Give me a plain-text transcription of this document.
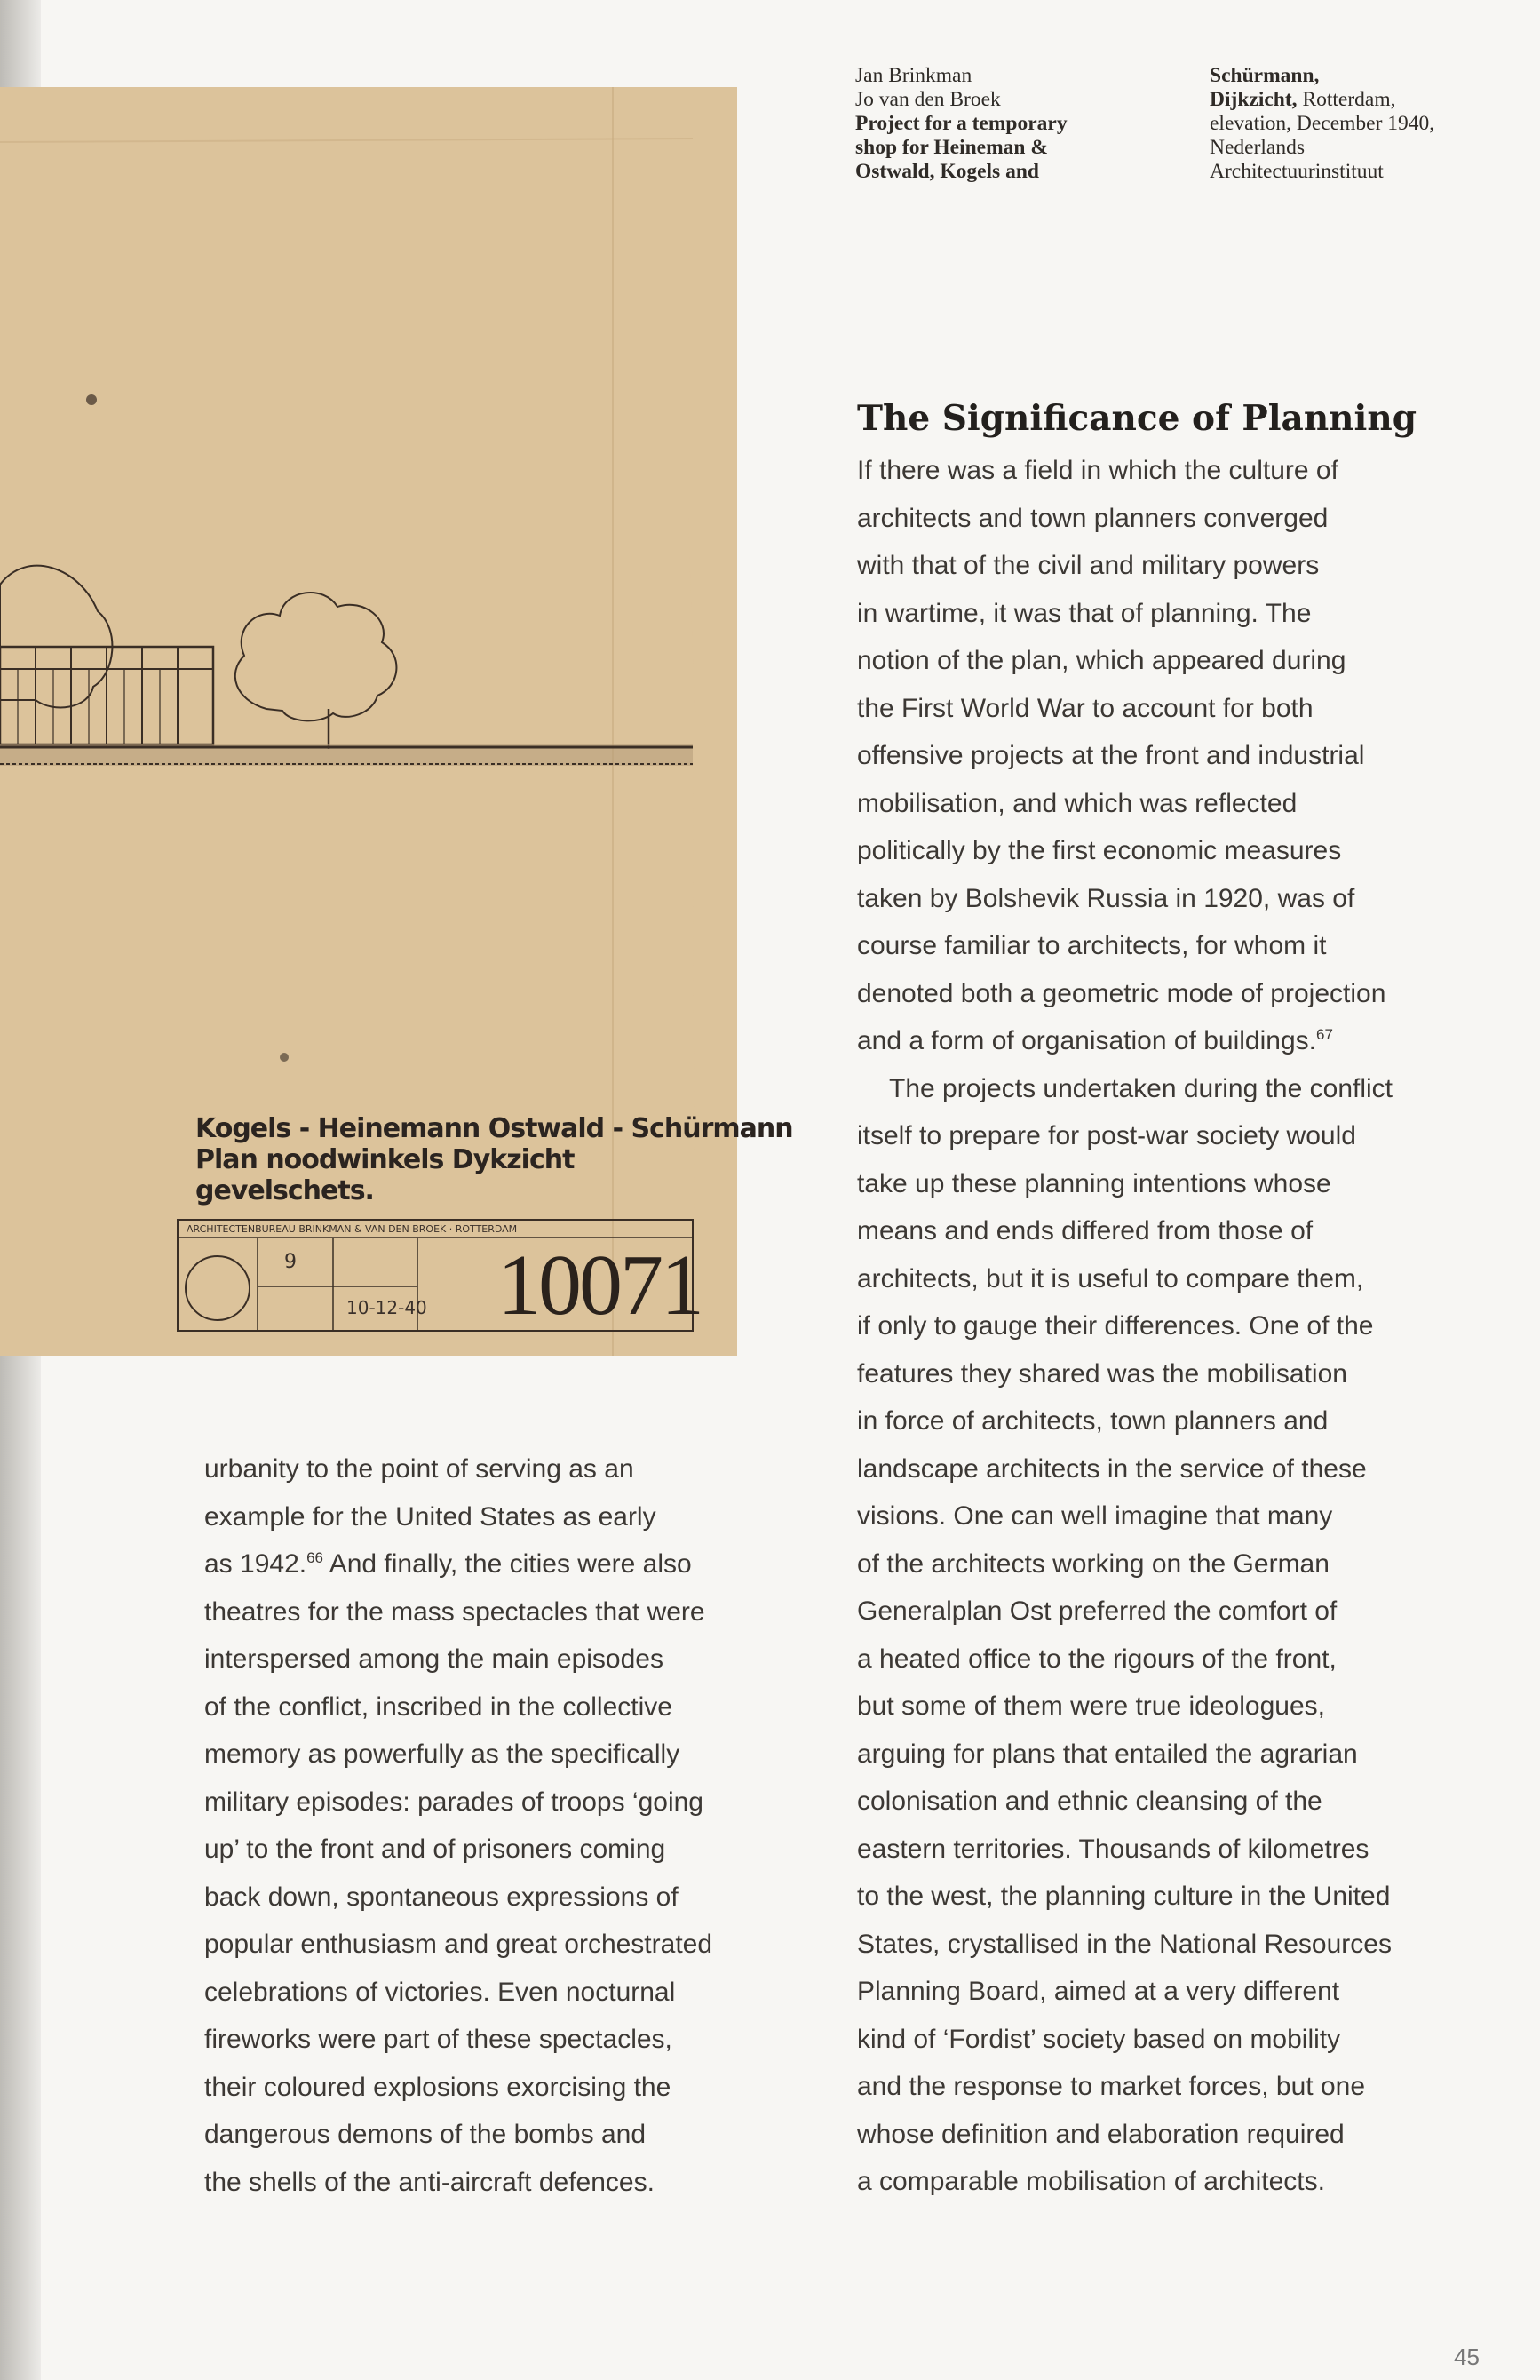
Kogels - Heinemann Ostwald - Schürmann
Plan noodwinkels Dykzicht
gevelschets.
ARCHITECTENBUREAU BRINKMAN & VAN DEN BROEK · ROTTERDAM
9
10-12-40 10071
Jan Brinkman
Jo van den Broek
Project for a temporary
shop for Heineman &
Ostwald, Kogels and
Schürmann,
Dijkzicht, Rotterdam,
elevation, December 1940,
Nederlands
Architectuurinstituut
The Significance of Planning
If there was a field in which the culture of
architects and town planners converged
with that of the civil and military powers
in wartime, it was that of planning. The
notion of the plan, which appeared during
the First World War to account for both
offensive projects at the front and industrial
mobilisation, and which was reflected
politically by the first economic measures
taken by Bolshevik Russia in 1920, was of
course familiar to architects, for whom it
denoted both a geometric mode of projection
and a form of organisation of buildings.$^{67}$
The projects undertaken during the conflict
itself to prepare for post-war society would
take up these planning intentions whose
means and ends differed from those of
architects, but it is useful to compare them,
if only to gauge their differences. One of the
features they shared was the mobilisation
in force of architects, town planners and
landscape architects in the service of these
visions. One can well imagine that many
of the architects working on the German
Generalplan Ost preferred the comfort of
a heated office to the rigours of the front,
but some of them were true ideologues,
arguing for plans that entailed the agrarian
colonisation and ethnic cleansing of the
eastern territories. Thousands of kilometres
to the west, the planning culture in the United
States, crystallised in the National Resources
Planning Board, aimed at a very different
kind of ‘Fordist’ society based on mobility
and the response to market forces, but one
whose definition and elaboration required
a comparable mobilisation of architects.
urbanity to the point of serving as an
example for the United States as early
as 1942.66 And finally, the cities were also
theatres for the mass spectacles that were
interspersed among the main episodes
of the conflict, inscribed in the collective
memory as powerfully as the specifically
military episodes: parades of troops ‘going
up’ to the front and of prisoners coming
back down, spontaneous expressions of
popular enthusiasm and great orchestrated
celebrations of victories. Even nocturnal
fireworks were part of these spectacles,
their coloured explosions exorcising the
dangerous demons of the bombs and
the shells of the anti-aircraft defences.
45
